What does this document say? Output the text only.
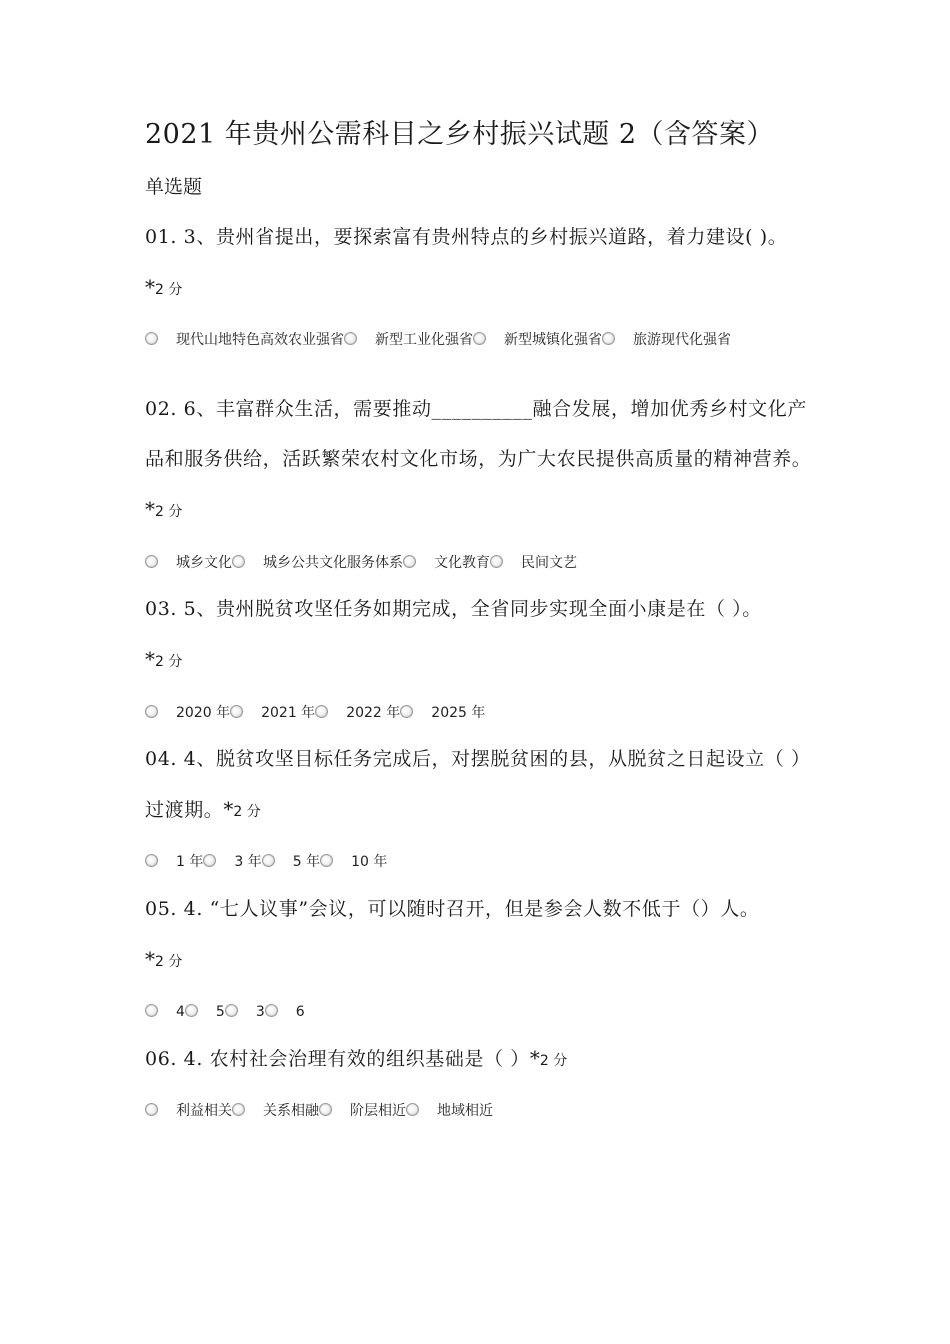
2021 年贵州公需科目之乡村振兴试题 2（含答案）
单选题
01. 3、贵州省提出，要探索富有贵州特点的乡村振兴道路，着力建设( )。
*2 分
现代山地特色高效农业强省 新型工业化强省 新型城镇化强省 旅游现代化强省
02. 6、丰富群众生活，需要推动__________融合发展，增加优秀乡村文化产品和服务供给，活跃繁荣农村文化市场，为广大农民提供高质量的精神营养。*2 分
城乡文化 城乡公共文化服务体系 文化教育 民间文艺
03. 5、贵州脱贫攻坚任务如期完成，全省同步实现全面小康是在（ ）。
*2 分
2020 年 2021 年 2022 年 2025 年
04. 4、脱贫攻坚目标任务完成后，对摆脱贫困的县，从脱贫之日起设立（ ）过渡期。*2 分
1 年 3 年 5 年 10 年
05. 4. “七人议事”会议，可以随时召开，但是参会人数不低于（）人。
*2 分
4 5 3 6
06. 4. 农村社会治理有效的组织基础是（ ）*2 分
利益相关 关系相融 阶层相近 地域相近
